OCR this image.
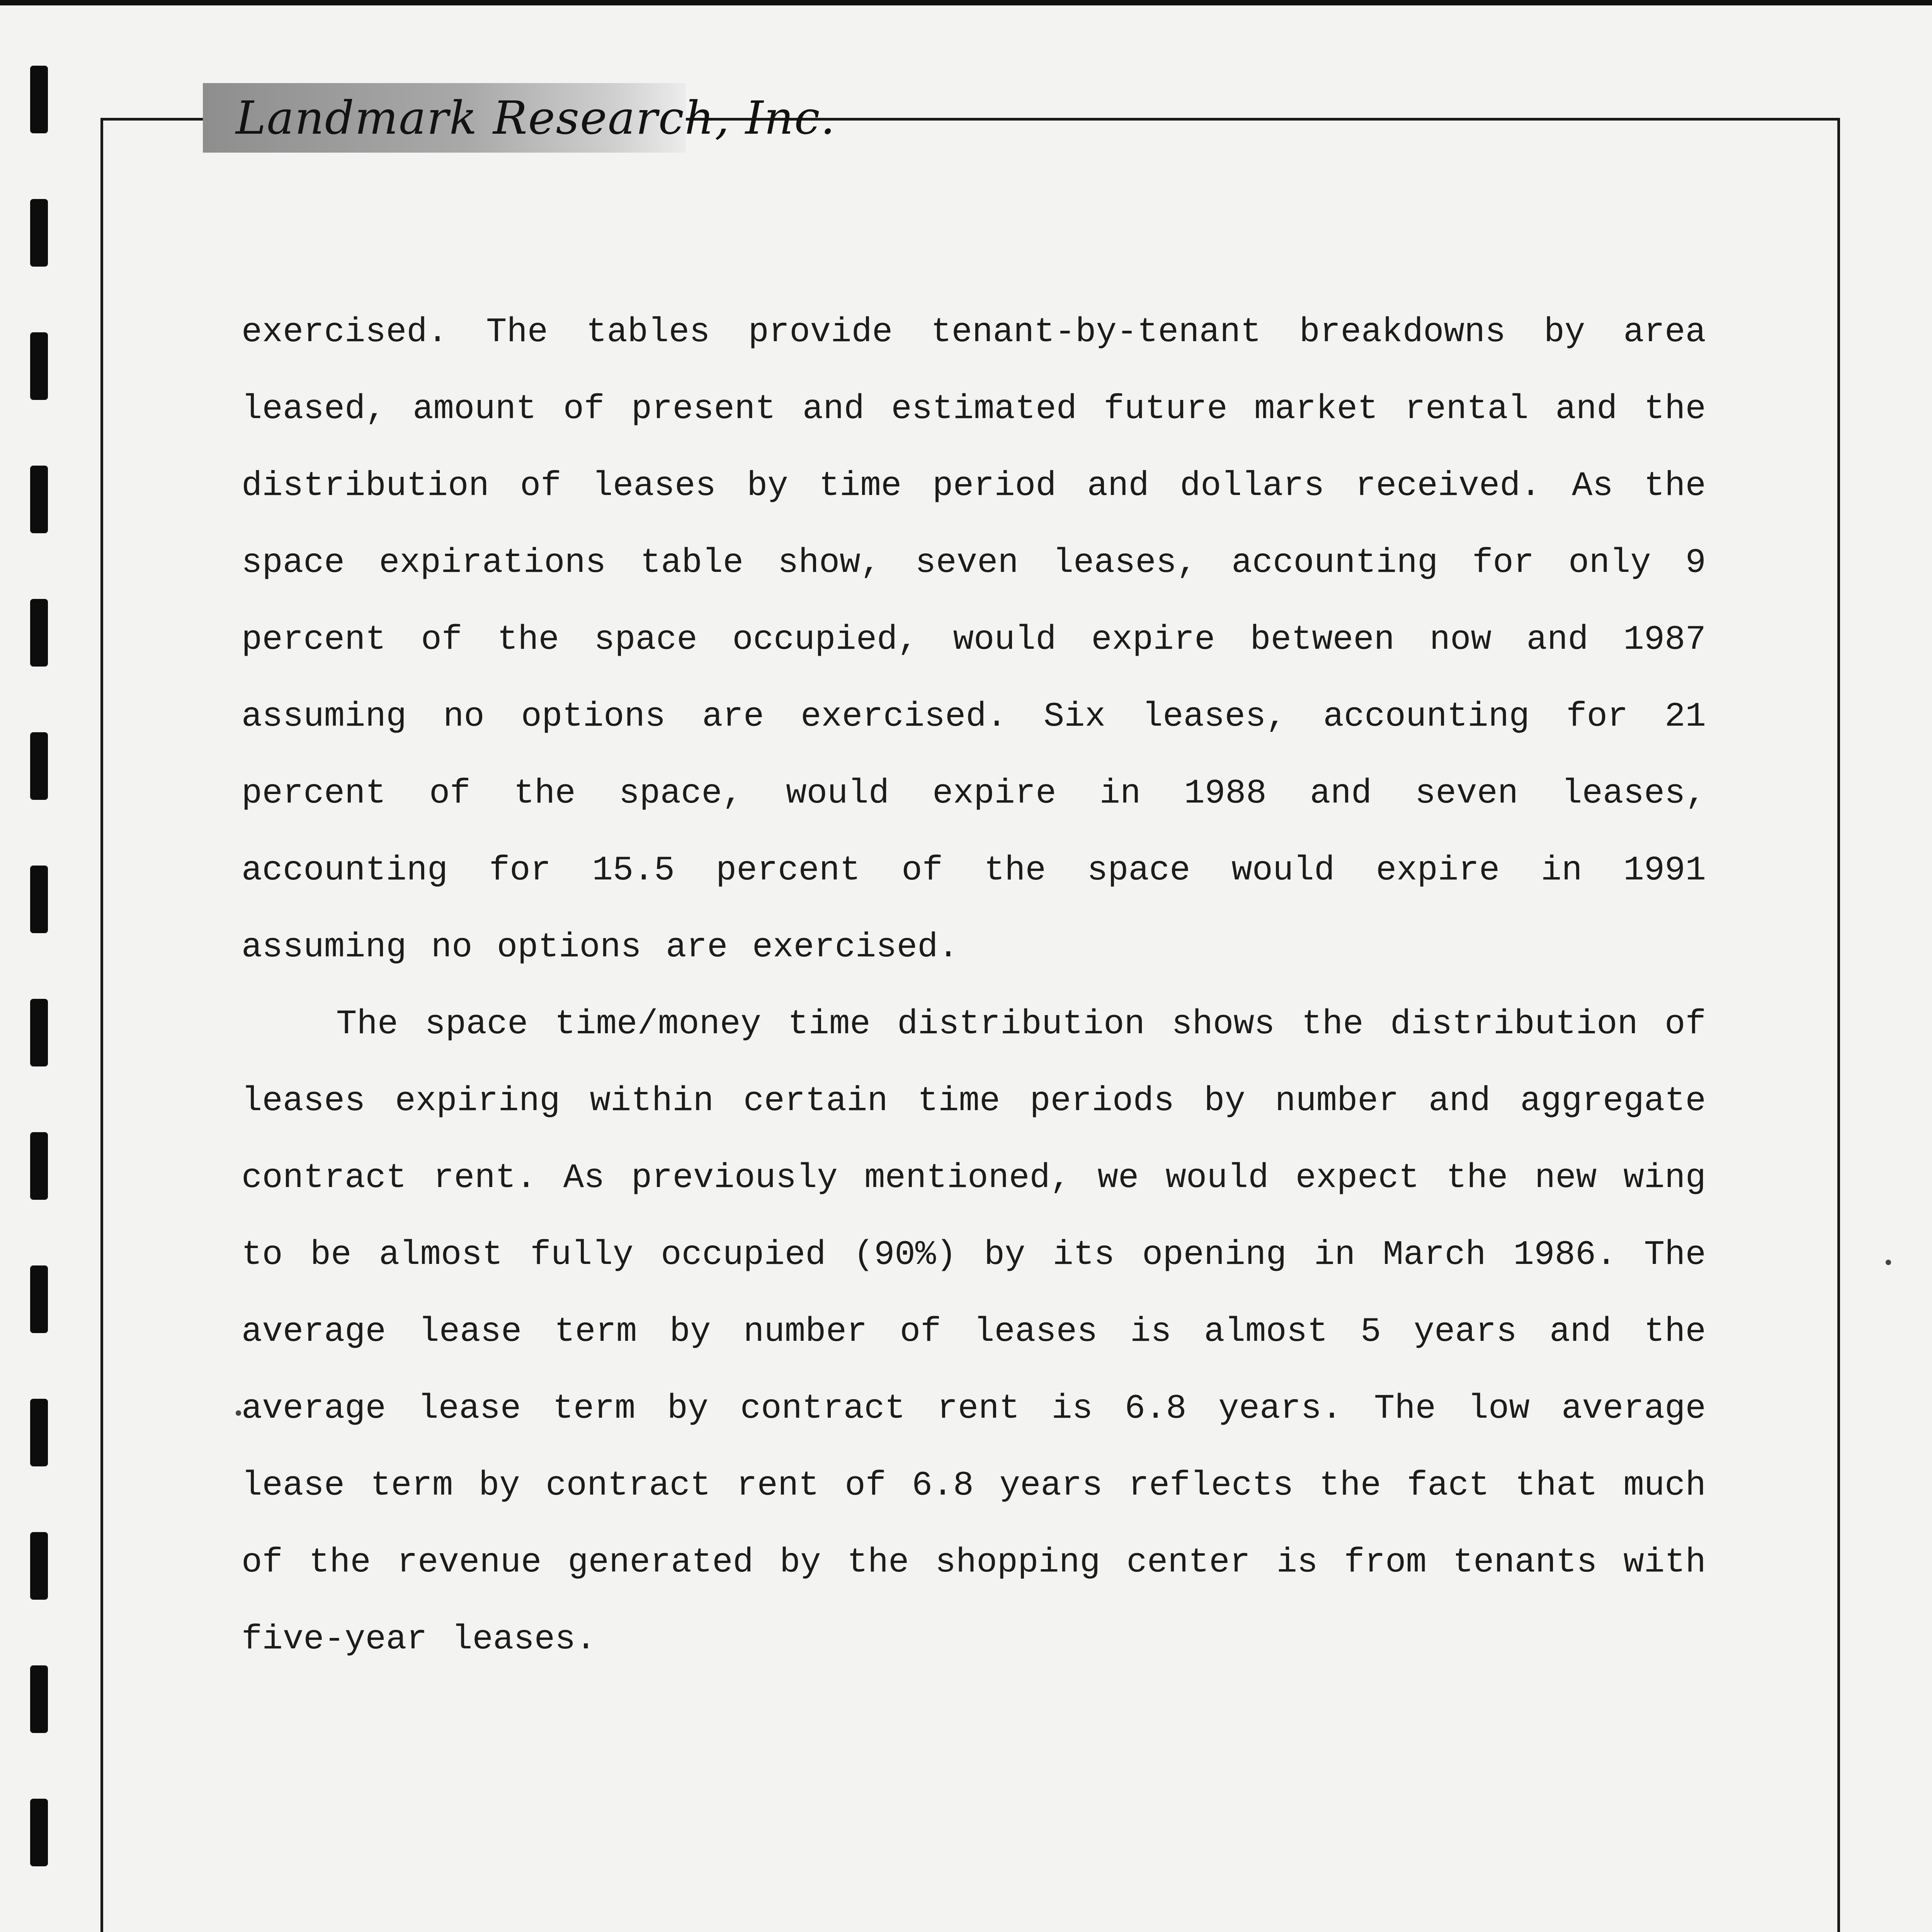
Landmark Research, Inc.

exercised. The tables provide tenant-by-tenant breakdowns by area leased, amount of present and estimated future market rental and the distribution of leases by time period and dollars received. As the space expirations table show, seven leases, accounting for only 9 percent of the space occupied, would expire between now and 1987 assuming no options are exercised. Six leases, accounting for 21 percent of the space, would expire in 1988 and seven leases, accounting for 15.5 percent of the space would expire in 1991 assuming no options are exercised.

The space time/money time distribution shows the distribution of leases expiring within certain time periods by number and aggregate contract rent. As previously mentioned, we would expect the new wing to be almost fully occupied (90%) by its opening in March 1986. The average lease term by number of leases is almost 5 years and the average lease term by contract rent is 6.8 years. The low average lease term by contract rent of 6.8 years reflects the fact that much of the revenue generated by the shopping center is from tenants with five-year leases.
